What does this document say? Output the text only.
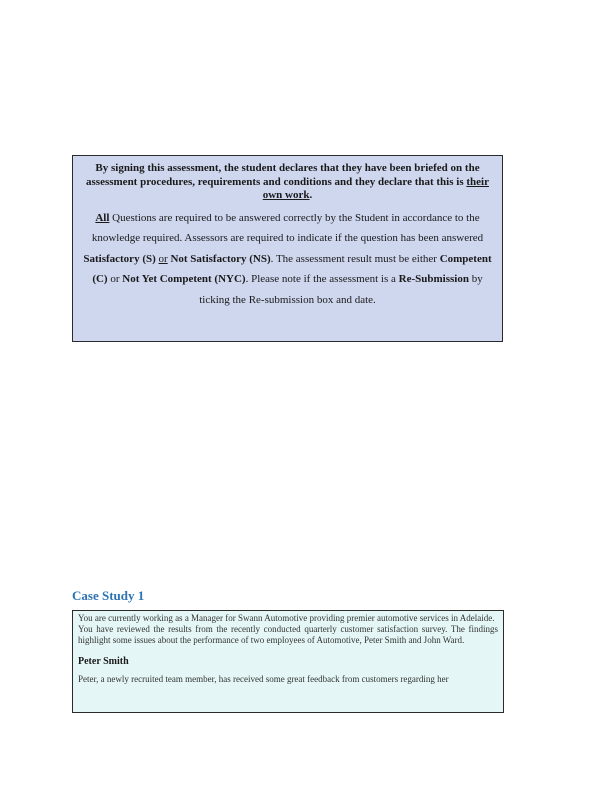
By signing this assessment, the student declares that they have been briefed on the assessment procedures, requirements and conditions and they declare that this is their own work.

All Questions are required to be answered correctly by the Student in accordance to the knowledge required. Assessors are required to indicate if the question has been answered Satisfactory (S) or Not Satisfactory (NS). The assessment result must be either Competent (C) or Not Yet Competent (NYC). Please note if the assessment is a Re-Submission by ticking the Re-submission box and date.

Case Study 1

You are currently working as a Manager for Swann Automotive providing premier automotive services in Adelaide.

You have reviewed the results from the recently conducted quarterly customer satisfaction survey. The findings highlight some issues about the performance of two employees of Automotive, Peter Smith and John Ward.

Peter Smith

Peter, a newly recruited team member, has received some great feedback from customers regarding her
